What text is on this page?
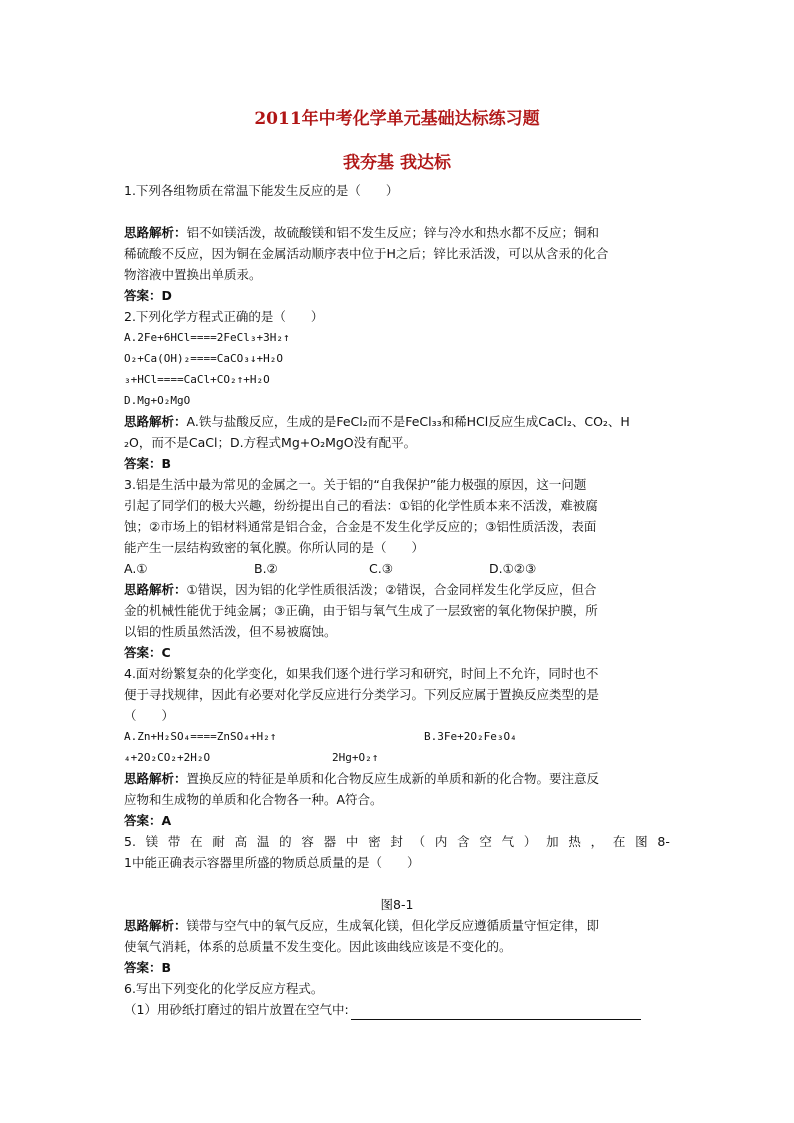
2011年中考化学单元基础达标练习题
我夯基 我达标
1.下列各组物质在常温下能发生反应的是（　　）
思路解析：铝不如镁活泼，故硫酸镁和铝不发生反应；锌与冷水和热水都不反应；铜和
稀硫酸不反应，因为铜在金属活动顺序表中位于H之后；锌比汞活泼，可以从含汞的化合
物溶液中置换出单质汞。
答案：D
2.下列化学方程式正确的是（　　）
A.2Fe+6HCl====2FeCl₃+3H₂↑
O₂+Ca(OH)₂====CaCO₃↓+H₂O
₃+HCl====CaCl+CO₂↑+H₂O
D.Mg+O₂MgO
思路解析：A.铁与盐酸反应，生成的是FeCl₂而不是FeCl₃₃和稀HCl反应生成CaCl₂、CO₂、H
₂O，而不是CaCl；D.方程式Mg+O₂MgO没有配平。
答案：B
3.铝是生活中最为常见的金属之一。关于铝的“自我保护”能力极强的原因，这一问题
引起了同学们的极大兴趣，纷纷提出自己的看法：①铝的化学性质本来不活泼，难被腐
蚀；②市场上的铝材料通常是铝合金，合金是不发生化学反应的；③铝性质活泼，表面
能产生一层结构致密的氧化膜。你所认同的是（　　）
A.①	B.②	C.③	D.①②③
思路解析：①错误，因为铝的化学性质很活泼；②错误，合金同样发生化学反应，但合
金的机械性能优于纯金属；③正确，由于铝与氧气生成了一层致密的氧化物保护膜，所
以铝的性质虽然活泼，但不易被腐蚀。
答案：C
4.面对纷繁复杂的化学变化，如果我们逐个进行学习和研究，时间上不允许，同时也不
便于寻找规律，因此有必要对化学反应进行分类学习。下列反应属于置换反应类型的是
（　　）
A.Zn+H₂SO₄====ZnSO₄+H₂↑	B.3Fe+2O₂Fe₃O₄
₄+2O₂CO₂+2H₂O	2Hg+O₂↑
思路解析：置换反应的特征是单质和化合物反应生成新的单质和新的化合物。要注意反
应物和生成物的单质和化合物各一种。A符合。
答案：A
5. 镁 带 在 耐 高 温 的 容 器 中 密 封 （ 内 含 空 气 ） 加 热 ， 在 图 8-
1中能正确表示容器里所盛的物质总质量的是（　　）
图8-1
思路解析：镁带与空气中的氧气反应，生成氧化镁，但化学反应遵循质量守恒定律，即
使氧气消耗，体系的总质量不发生变化。因此该曲线应该是不变化的。
答案：B
6.写出下列变化的化学反应方程式。
（1）用砂纸打磨过的铝片放置在空气中:
